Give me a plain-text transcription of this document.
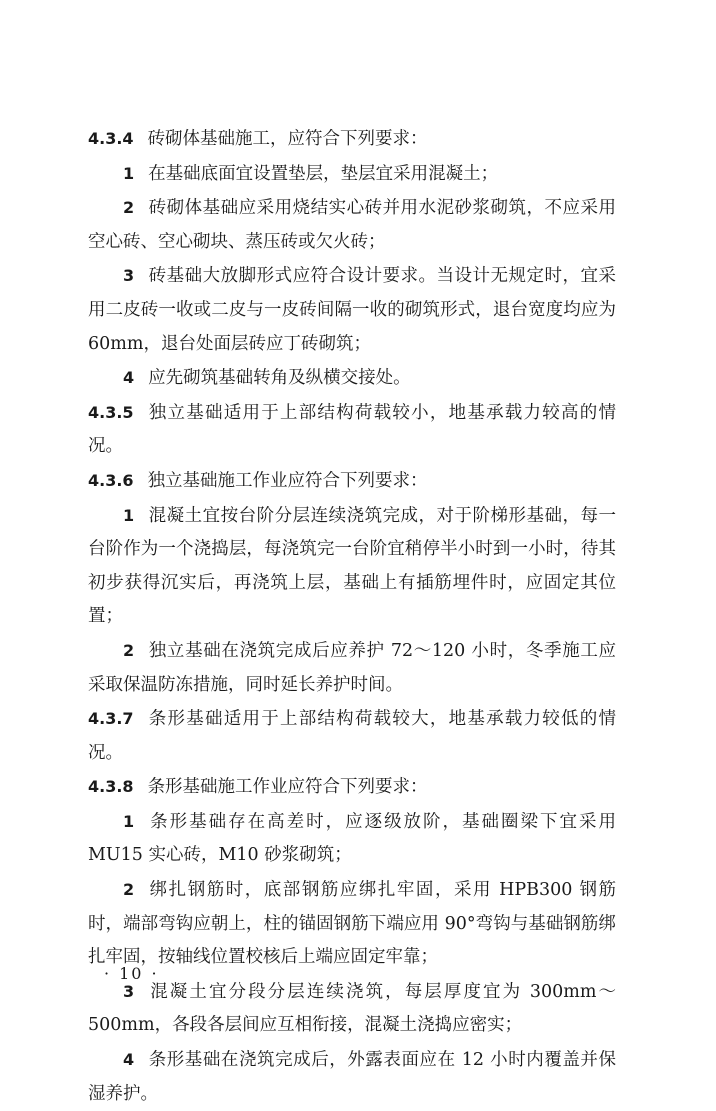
4.3.4 砖砌体基础施工，应符合下列要求：

1 在基础底面宜设置垫层，垫层宜采用混凝土；

2 砖砌体基础应采用烧结实心砖并用水泥砂浆砌筑，不应采用空心砖、空心砌块、蒸压砖或欠火砖；

3 砖基础大放脚形式应符合设计要求。当设计无规定时，宜采用二皮砖一收或二皮与一皮砖间隔一收的砌筑形式，退台宽度均应为 60mm，退台处面层砖应丁砖砌筑；

4 应先砌筑基础转角及纵横交接处。

4.3.5 独立基础适用于上部结构荷载较小，地基承载力较高的情况。

4.3.6 独立基础施工作业应符合下列要求：

1 混凝土宜按台阶分层连续浇筑完成，对于阶梯形基础，每一台阶作为一个浇捣层，每浇筑完一台阶宜稍停半小时到一小时，待其初步获得沉实后，再浇筑上层，基础上有插筋埋件时，应固定其位置；

2 独立基础在浇筑完成后应养护 72～120 小时，冬季施工应采取保温防冻措施，同时延长养护时间。

4.3.7 条形基础适用于上部结构荷载较大，地基承载力较低的情况。

4.3.8 条形基础施工作业应符合下列要求：

1 条形基础存在高差时，应逐级放阶，基础圈梁下宜采用 MU15 实心砖，M10 砂浆砌筑；

2 绑扎钢筋时，底部钢筋应绑扎牢固，采用 HPB300 钢筋时，端部弯钩应朝上，柱的锚固钢筋下端应用 90°弯钩与基础钢筋绑扎牢固，按轴线位置校核后上端应固定牢靠；

3 混凝土宜分段分层连续浇筑，每层厚度宜为 300mm～500mm，各段各层间应互相衔接，混凝土浇捣应密实；

4 条形基础在浇筑完成后，外露表面应在 12 小时内覆盖并保湿养护。

· 10 ·
